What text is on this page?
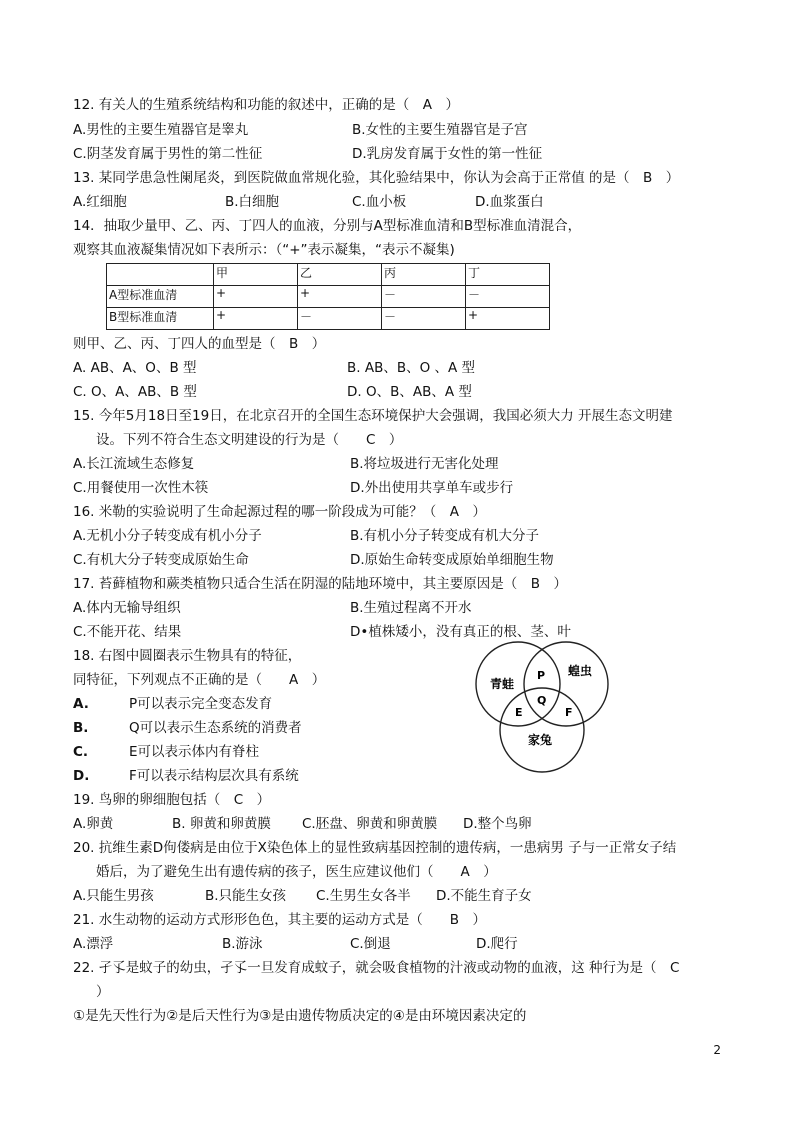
12. 有关人的生殖系统结构和功能的叙述中，正确的是（　A　）
A.男性的主要生殖器官是睾丸	B.女性的主要生殖器官是子宫
C.阴茎发育属于男性的第二性征	D.乳房发育属于女性的第一性征
13. 某同学患急性阑尾炎，到医院做血常规化验，其化验结果中，你认为会高于正常值 的是（　B　）
A.红细胞	B.白细胞	C.血小板	D.血浆蛋白
14．抽取少量甲、乙、丙、丁四人的血液，分别与A型标准血清和B型标准血清混合，
观察其血液凝集情况如下表所示：（“+”表示凝集，“表示不凝集)
	甲	乙	丙	丁
A型标准血清	+	+	－	－
B型标准血清	+	－	－	+
则甲、乙、丙、丁四人的血型是（　B　）
A. AB、A、O、B 型	B. AB、B、O 、A 型
C. O、A、AB、B 型	D. O、B、AB、A 型
15. 今年5月18日至19日，在北京召开的全国生态环境保护大会强调，我国必须大力 开展生态文明建
设。下列不符合生态文明建设的行为是（　　C　）
A.长江流域生态修复	B.将垃圾进行无害化处理
C.用餐使用一次性木筷	D.外出使用共享单车或步行
16. 米勒的实验说明了生命起源过程的哪一阶段成为可能？（　A　）
A.无机小分子转变成有机小分子	B.有机小分子转变成有机大分子
C.有机大分子转变成原始生命	D.原始生命转变成原始单细胞生物
17. 苔藓植物和蕨类植物只适合生活在阴湿的陆地环境中，其主要原因是（　B　）
A.体内无输导组织	B.生殖过程离不开水
C.不能开花、结果	D•植株矮小，没有真正的根、茎、叶
18. 右图中圆圈表示生物具有的特征，
同特征，下列观点不正确的是（　　A　）
A.	P可以表示完全变态发育
B.	Q可以表示生态系统的消费者
C.	E可以表示体内有脊柱
D.	F可以表示结构层次具有系统
青蛙
蝗虫
家兔
P
Q
E	F
19. 鸟卵的卵细胞包括（　C　）
A.卵黄	B. 卵黄和卵黄膜 C.胚盘、卵黄和卵黄膜 D.整个鸟卵
20. 抗维生素D佝偻病是由位于X染色体上的显性致病基因控制的遗传病，一患病男 子与一正常女子结
婚后，为了避免生出有遗传病的孩子，医生应建议他们（　　A　）
A.只能生男孩	B.只能生女孩 C.生男生女各半 D.不能生育子女
21. 水生动物的运动方式形形色色，其主要的运动方式是（　　B　）
A.漂浮	B.游泳	C.倒退	D.爬行
22. 孑孓是蚊子的幼虫，孑孓一旦发育成蚊子，就会吸食植物的汁液或动物的血液，这 种行为是（　C
）
①是先天性行为②是后天性行为③是由遗传物质决定的④是由环境因素决定的
2
